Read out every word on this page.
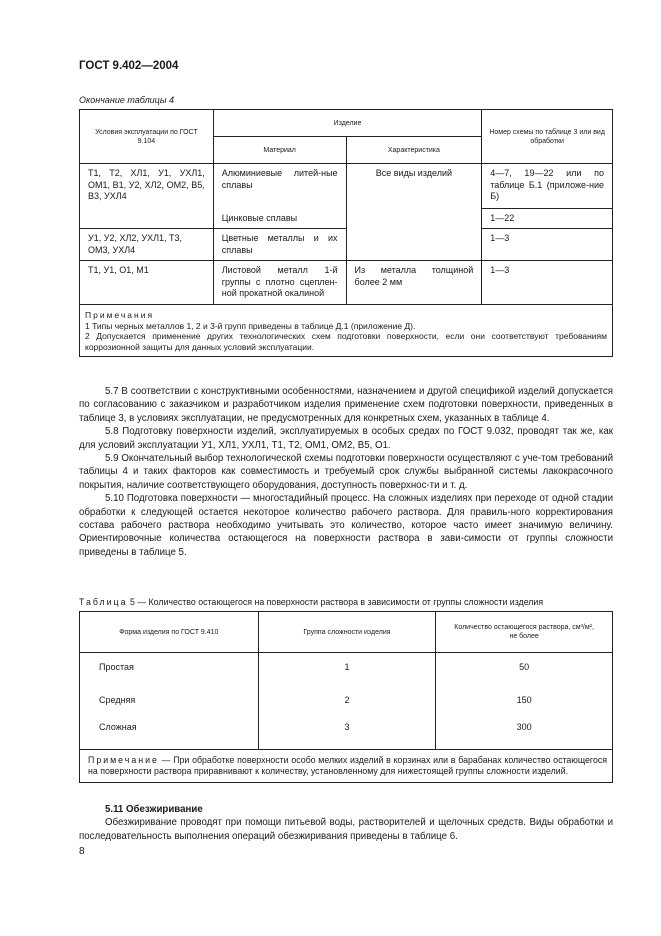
ГОСТ 9.402—2004
Окончание таблицы 4
Условия эксплуатации по ГОСТ 9.104	Изделие		Номер схемы по таблице 3 или вид обработки
	Материал	Характеристика	
Т1, Т2, ХЛ1, У1, УХЛ1, ОМ1, В1, У2, ХЛ2, ОМ2, В5, В3, УХЛ4	Алюминиевые литей-ные сплавы	Все виды изделий	4—7, 19—22 или по таблице Б.1 (приложе-ние Б)
	Цинковые сплавы		1—22
У1, У2, ХЛ2, УХЛ1, Т3, ОМ3, УХЛ4	Цветные металлы и их сплавы		1—3
Т1, У1, О1, М1	Листовой металл 1-й группы с плотно сцеплен-ной прокатной окалиной	Из металла толщиной более 2 мм	1—3

Примечания
1 Типы черных металлов 1, 2 и 3-й групп приведены в таблице Д.1 (приложение Д).
2 Допускается применение других технологических схем подготовки поверхности, если они соответствуют требованиям коррозионной защиты для данных условий эксплуатации.			

5.7 В соответствии с конструктивными особенностями, назначением и другой спецификой изделий допускается по согласованию с заказчиком и разработчиком изделия применение схем подготовки поверхности, приведенных в таблице 3, в условиях эксплуатации, не предусмотренных для конкретных схем, указанных в таблице 4.

5.8 Подготовку поверхности изделий, эксплуатируемых в особых средах по ГОСТ 9.032, проводят так же, как для условий эксплуатации У1, ХЛ1, УХЛ1, Т1, Т2, ОМ1, ОМ2, В5, О1.

5.9 Окончательный выбор технологической схемы подготовки поверхности осуществляют с уче-том требований таблицы 4 и таких факторов как совместимость и требуемый срок службы выбранной системы лакокрасочного покрытия, наличие соответствующего оборудования, доступность поверхнос-ти и т. д.

5.10 Подготовка поверхности — многостадийный процесс. На сложных изделиях при переходе от одной стадии обработки к следующей остается некоторое количество рабочего раствора. Для правиль-ного корректирования состава рабочего раствора необходимо учитывать это количество, которое часто имеет значимую величину. Ориентировочные количества остающегося на поверхности раствора в зави-симости от группы сложности приведены в таблице 5.

Таблица 5 — Количество остающегося на поверхности раствора в зависимости от группы сложности изделия
Форма изделия по ГОСТ 9.410	Группа сложности изделия	Количество остающегося раствора, см³/м², не более
Простая	1	50
Средняя	2	150
Сложная	3	300
Примечание — При обработке поверхности особо мелких изделий в корзинах или в барабанах количество остающегося на поверхности раствора приравнивают к количеству, установленному для нижестоящей группы сложности изделий.		
5.11 Обезжиривание

Обезжиривание проводят при помощи питьевой воды, растворителей и щелочных средств. Виды обработки и последовательность выполнения операций обезжиривания приведены в таблице 6.

8
